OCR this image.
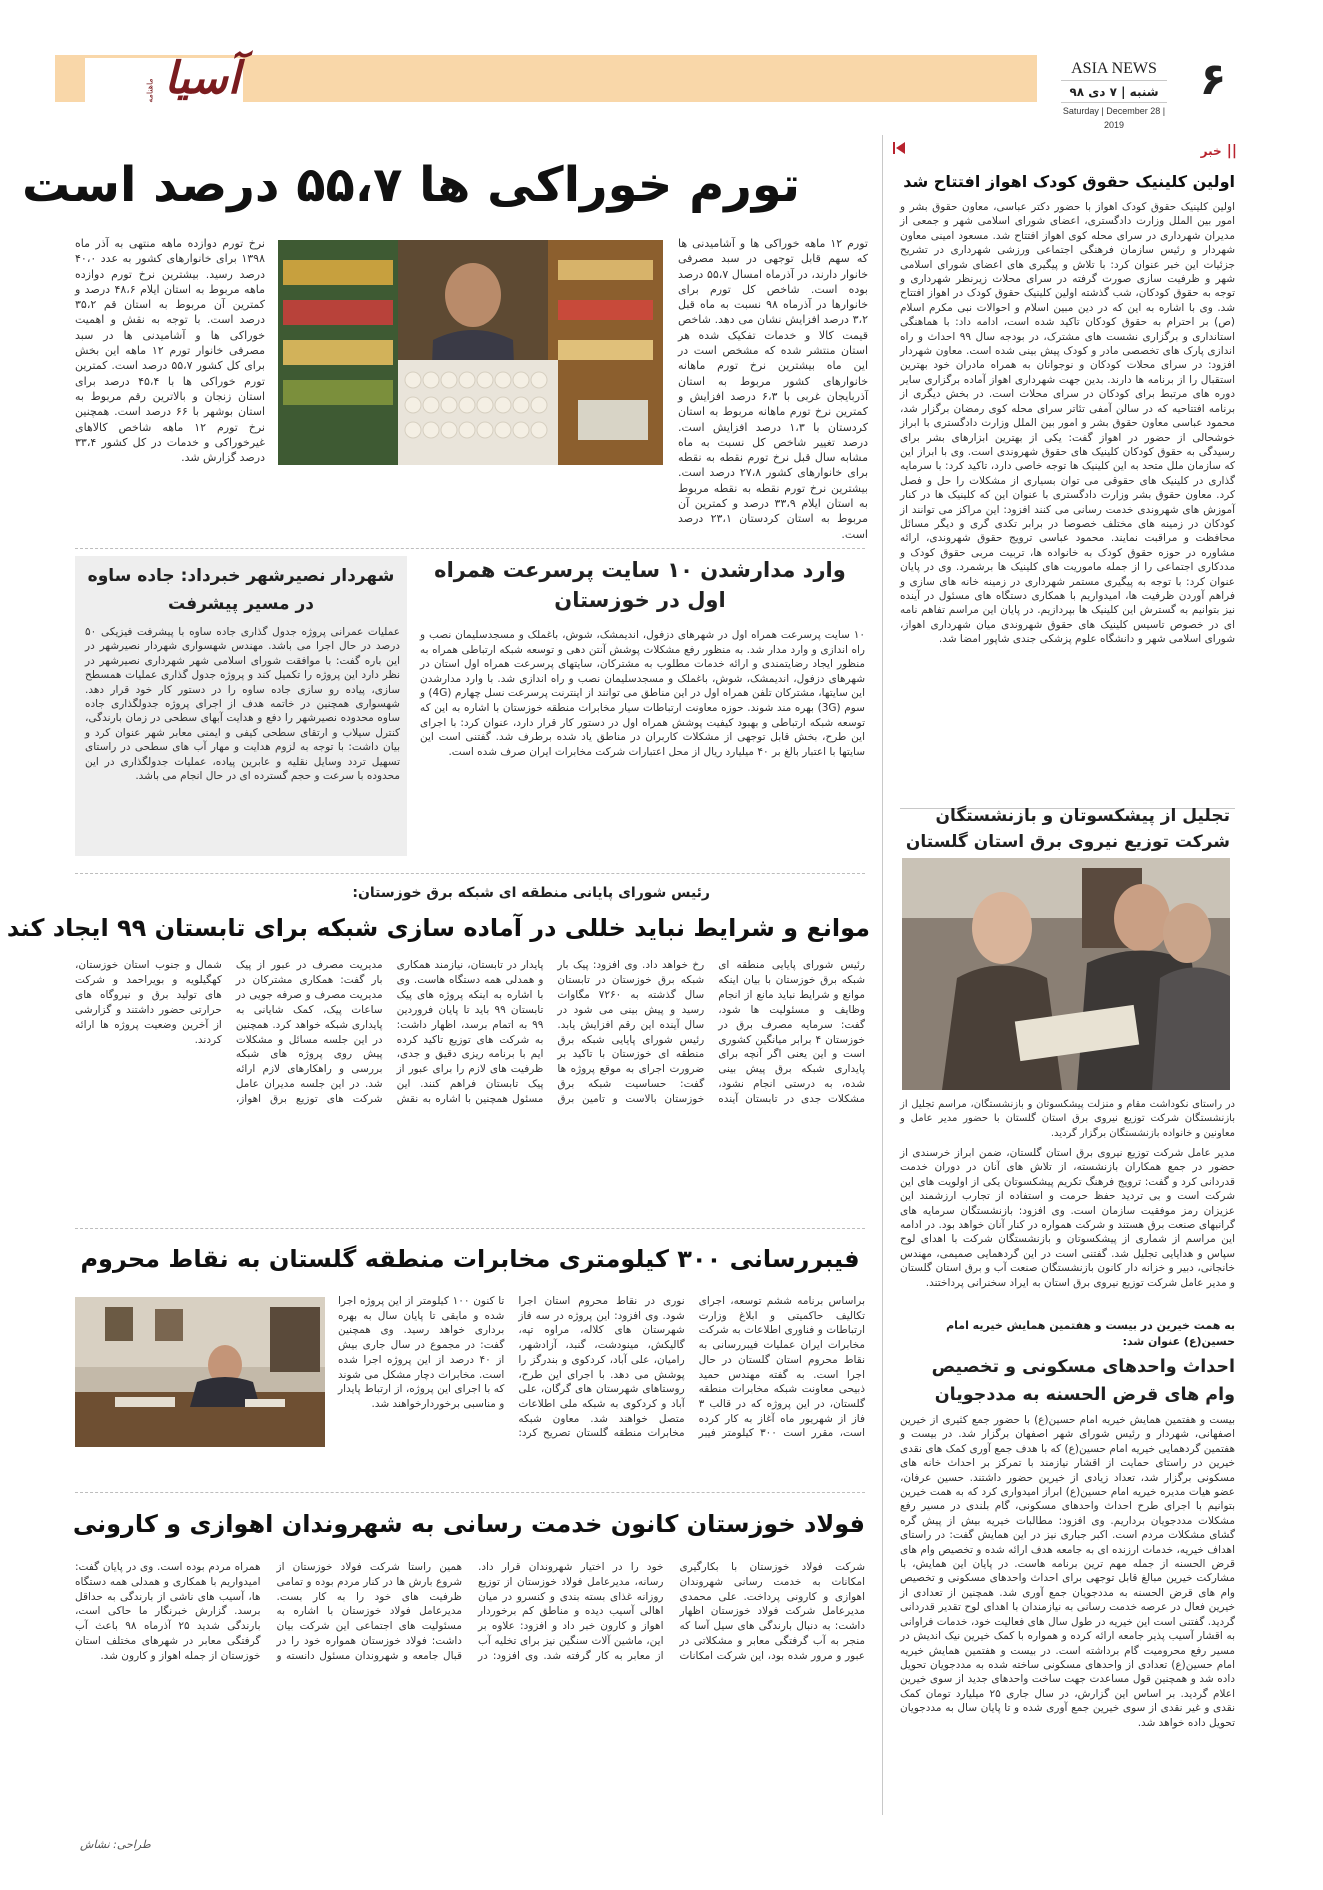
آسیا
ماهنامه
ASIA NEWS
شنبه | ۷ دی ۹۸
Saturday | December 28 | 2019
۶
|| خبر
اولین کلینیک حقوق کودک اهواز افتتاح شد
اولین کلینیک حقوق کودک اهواز با حضور دکتر عباسی، معاون حقوق بشر و امور بین الملل وزارت دادگستری، اعضای شورای اسلامی شهر و جمعی از مدیران شهرداری در سرای محله کوی اهواز افتتاح شد. مسعود امینی معاون شهردار و رئیس سازمان فرهنگی اجتماعی ورزشی شهرداری در تشریح جزئیات این خبر عنوان کرد: با تلاش و پیگیری های اعضای شورای اسلامی شهر و ظرفیت سازی صورت گرفته در سرای محلات زیرنظر شهرداری و توجه به حقوق کودکان، شب گذشته اولین کلینیک حقوق کودک در اهواز افتتاح شد. وی با اشاره به این که در دین مبین اسلام و احوالات نبی مکرم اسلام (ص) بر احترام به حقوق کودکان تاکید شده است، ادامه داد: با هماهنگی استانداری و برگزاری نشست های مشترک، در بودجه سال ۹۹ احداث و راه اندازی پارک های تخصصی مادر و کودک پیش بینی شده است. معاون شهردار افزود: در سرای محلات کودکان و نوجوانان به همراه مادران خود بهترین استقبال را از برنامه ها دارند. بدین جهت شهرداری اهواز آماده برگزاری سایر دوره های مرتبط برای کودکان در سرای محلات است. در بخش دیگری از برنامه افتتاحیه که در سالن آمفی تئاتر سرای محله کوی رمضان برگزار شد، محمود عباسی معاون حقوق بشر و امور بین الملل وزارت دادگستری با ابراز خوشحالی از حضور در اهواز گفت: یکی از بهترین ابزارهای بشر برای رسیدگی به حقوق کودکان کلینیک های حقوق شهروندی است. وی با ابراز این که سازمان ملل متحد به این کلینیک ها توجه خاصی دارد، تاکید کرد: با سرمایه گذاری در کلینیک های حقوقی می توان بسیاری از مشکلات را حل و فصل کرد. معاون حقوق بشر وزارت دادگستری با عنوان این که کلینیک ها در کنار آموزش های شهروندی خدمت رسانی می کنند افزود: این مراکز می توانند از کودکان در زمینه های مختلف خصوصا در برابر تکدی گری و دیگر مسائل محافظت و مراقبت نمایند. محمود عباسی ترویج حقوق شهروندی، ارائه مشاوره در حوزه حقوق کودک به خانواده ها، تربیت مربی حقوق کودک و مددکاری اجتماعی را از جمله ماموریت های کلینیک ها برشمرد. وی در پایان عنوان کرد: با توجه به پیگیری مستمر شهرداری در زمینه خانه های سازی و فراهم آوردن ظرفیت ها، امیدواریم با همکاری دستگاه های مسئول در آینده نیز بتوانیم به گسترش این کلینیک ها بپردازیم. در پایان این مراسم تفاهم نامه ای در خصوص تاسیس کلینیک های حقوق شهروندی میان شهرداری اهواز، شورای اسلامی شهر و دانشگاه علوم پزشکی جندی شاپور امضا شد.
تجلیل از پیشکسوتان و بازنشستگان شرکت توزیع نیروی برق استان گلستان
در راستای نکوداشت مقام و منزلت پیشکسوتان و بازنشستگان، مراسم تجلیل از بازنشستگان شرکت توزیع نیروی برق استان گلستان با حضور مدیر عامل و معاونین و خانواده بازنشستگان برگزار گردید.
مدیر عامل شرکت توزیع نیروی برق استان گلستان، ضمن ابراز خرسندی از حضور در جمع همکاران بازنشسته، از تلاش های آنان در دوران خدمت قدردانی کرد و گفت: ترویج فرهنگ تکریم پیشکسوتان یکی از اولویت های این شرکت است و بی تردید حفظ حرمت و استفاده از تجارب ارزشمند این عزیزان رمز موفقیت سازمان است. وی افزود: بازنشستگان سرمایه های گرانبهای صنعت برق هستند و شرکت همواره در کنار آنان خواهد بود. در ادامه این مراسم از شماری از پیشکسوتان و بازنشستگان شرکت با اهدای لوح سپاس و هدایایی تجلیل شد. گفتنی است در این گردهمایی صمیمی، مهندس خانجانی، دبیر و خزانه دار کانون بازنشستگان صنعت آب و برق استان گلستان و مدیر عامل شرکت توزیع نیروی برق استان به ایراد سخنرانی پرداختند.
به همت خیرین در بیست و هفتمین همایش خیریه امام حسین(ع) عنوان شد:
احداث واحدهای مسکونی و تخصیص وام های قرض الحسنه به مددجویان
بیست و هفتمین همایش خیریه امام حسین(ع) با حضور جمع کثیری از خیرین اصفهانی، شهردار و رئیس شورای شهر اصفهان برگزار شد. در بیست و هفتمین گردهمایی خیریه امام حسین(ع) که با هدف جمع آوری کمک های نقدی خیرین در راستای حمایت از اقشار نیازمند با تمرکز بر احداث خانه های مسکونی برگزار شد، تعداد زیادی از خیرین حضور داشتند. حسین عرفان، عضو هیات مدیره خیریه امام حسین(ع) ابراز امیدواری کرد که به همت خیرین بتوانیم با اجرای طرح احداث واحدهای مسکونی، گام بلندی در مسیر رفع مشکلات مددجویان برداریم. وی افزود: مطالبات خیریه بیش از پیش گره گشای مشکلات مردم است. اکبر جباری نیز در این همایش گفت: در راستای اهداف خیریه، خدمات ارزنده ای به جامعه هدف ارائه شده و تخصیص وام های قرض الحسنه از جمله مهم ترین برنامه هاست. در پایان این همایش، با مشارکت خیرین مبالغ قابل توجهی برای احداث واحدهای مسکونی و تخصیص وام های قرض الحسنه به مددجویان جمع آوری شد. همچنین از تعدادی از خیرین فعال در عرصه خدمت رسانی به نیازمندان با اهدای لوح تقدیر قدردانی گردید. گفتنی است این خیریه در طول سال های فعالیت خود، خدمات فراوانی به اقشار آسیب پذیر جامعه ارائه کرده و همواره با کمک خیرین نیک اندیش در مسیر رفع محرومیت گام برداشته است. در بیست و هفتمین همایش خیریه امام حسین(ع) تعدادی از واحدهای مسکونی ساخته شده به مددجویان تحویل داده شد و همچنین قول مساعدت جهت ساخت واحدهای جدید از سوی خیرین اعلام گردید. بر اساس این گزارش، در سال جاری ۲۵ میلیارد تومان کمک نقدی و غیر نقدی از سوی خیرین جمع آوری شده و تا پایان سال به مددجویان تحویل داده خواهد شد.
تورم خوراکی ها ۵۵،۷ درصد است
تورم ۱۲ ماهه خوراکی ها و آشامیدنی ها که سهم قابل توجهی در سبد مصرفی خانوار دارند، در آذرماه امسال ۵۵،۷ درصد بوده است. شاخص کل تورم برای خانوارها در آذرماه ۹۸ نسبت به ماه قبل ۳،۲ درصد افزایش نشان می دهد. شاخص قیمت کالا و خدمات تفکیک شده هر استان منتشر شده که مشخص است در این ماه بیشترین نرخ تورم ماهانه خانوارهای کشور مربوط به استان آذربایجان غربی با ۶،۳ درصد افزایش و کمترین نرخ تورم ماهانه مربوط به استان کردستان با ۱،۳ درصد افزایش است. درصد تغییر شاخص کل نسبت به ماه مشابه سال قبل نرخ تورم نقطه به نقطه برای خانوارهای کشور ۲۷،۸ درصد است. بیشترین نرخ تورم نقطه به نقطه مربوط به استان ایلام ۳۳،۹ درصد و کمترین آن مربوط به استان کردستان ۲۳،۱ درصد است.
نرخ تورم دوازده ماهه منتهی به آذر ماه ۱۳۹۸ برای خانوارهای کشور به عدد ۴۰،۰ درصد رسید. بیشترین نرخ تورم دوازده ماهه مربوط به استان ایلام ۴۸،۶ درصد و کمترین آن مربوط به استان قم ۳۵،۲ درصد است. با توجه به نقش و اهمیت خوراکی ها و آشامیدنی ها در سبد مصرفی خانوار تورم ۱۲ ماهه این بخش برای کل کشور ۵۵،۷ درصد است. کمترین تورم خوراکی ها با ۴۵،۴ درصد برای استان زنجان و بالاترین رقم مربوط به استان بوشهر با ۶۶ درصد است. همچنین نرخ تورم ۱۲ ماهه شاخص کالاهای غیرخوراکی و خدمات در کل کشور ۳۳،۴ درصد گزارش شد.
وارد مدارشدن ۱۰ سایت پرسرعت همراه اول در خوزستان
۱۰ سایت پرسرعت همراه اول در شهرهای دزفول، اندیمشک، شوش، باغملک و مسجدسلیمان نصب و راه اندازی و وارد مدار شد. به منظور رفع مشکلات پوشش آنتن دهی و توسعه شبکه ارتباطی همراه به منظور ایجاد رضایتمندی و ارائه خدمات مطلوب به مشترکان، سایتهای پرسرعت همراه اول استان در شهرهای دزفول، اندیمشک، شوش، باغملک و مسجدسلیمان نصب و راه اندازی شد. با وارد مدارشدن این سایتها، مشترکان تلفن همراه اول در این مناطق می توانند از اینترنت پرسرعت نسل چهارم (4G) و سوم (3G) بهره مند شوند. حوزه معاونت ارتباطات سیار مخابرات منطقه خوزستان با اشاره به این که توسعه شبکه ارتباطی و بهبود کیفیت پوشش همراه اول در دستور کار قرار دارد، عنوان کرد: با اجرای این طرح، بخش قابل توجهی از مشکلات کاربران در مناطق یاد شده برطرف شد. گفتنی است این سایتها با اعتبار بالغ بر ۴۰ میلیارد ریال از محل اعتبارات شرکت مخابرات ایران صرف شده است.
شهردار نصیرشهر خبرداد: جاده ساوه در مسیر پیشرفت
عملیات عمرانی پروژه جدول گذاری جاده ساوه با پیشرفت فیزیکی ۵۰ درصد در حال اجرا می باشد. مهندس شهسواری شهردار نصیرشهر در این باره گفت: با موافقت شورای اسلامی شهر شهرداری نصیرشهر در نظر دارد این پروژه را تکمیل کند و پروژه جدول گذاری عملیات همسطح سازی، پیاده رو سازی جاده ساوه را در دستور کار خود قرار دهد. شهسواری همچنین در خاتمه هدف از اجرای پروژه جدولگذاری جاده ساوه محدوده نصیرشهر را دفع و هدایت آبهای سطحی در زمان بارندگی، کنترل سیلاب و ارتقای سطحی کیفی و ایمنی معابر شهر عنوان کرد و بیان داشت: با توجه به لزوم هدایت و مهار آب های سطحی در راستای تسهیل تردد وسایل نقلیه و عابرین پیاده، عملیات جدولگذاری در این محدوده با سرعت و حجم گسترده ای در حال انجام می باشد.
رئیس شورای پایانی منطقه ای شبکه برق خوزستان:
موانع و شرایط نباید خللی در آماده سازی شبکه برای تابستان ۹۹ ایجاد کند
رئیس شورای پایایی منطقه ای شبکه برق خوزستان با بیان اینکه موانع و شرایط نباید مانع از انجام وظایف و مسئولیت ها شود، گفت: سرمایه مصرف برق در خوزستان ۴ برابر میانگین کشوری است و این یعنی اگر آنچه برای پایداری شبکه برق پیش بینی شده، به درستی انجام نشود، مشکلات جدی در تابستان آینده رخ خواهد داد. وی افزود: پیک بار شبکه برق خوزستان در تابستان سال گذشته به ۷۲۶۰ مگاوات رسید و پیش بینی می شود در سال آینده این رقم افزایش یابد. رئیس شورای پایایی شبکه برق منطقه ای خوزستان با تاکید بر ضرورت اجرای به موقع پروژه ها گفت: حساسیت شبکه برق خوزستان بالاست و تامین برق پایدار در تابستان، نیازمند همکاری و همدلی همه دستگاه هاست. وی با اشاره به اینکه پروژه های پیک تابستان ۹۹ باید تا پایان فروردین ۹۹ به اتمام برسد، اظهار داشت: به شرکت های توزیع تاکید کرده ایم با برنامه ریزی دقیق و جدی، ظرفیت های لازم را برای عبور از پیک تابستان فراهم کنند. این مسئول همچنین با اشاره به نقش مدیریت مصرف در عبور از پیک بار گفت: همکاری مشترکان در مدیریت مصرف و صرفه جویی در ساعات پیک، کمک شایانی به پایداری شبکه خواهد کرد. همچنین در این جلسه مسائل و مشکلات پیش روی پروژه های شبکه بررسی و راهکارهای لازم ارائه شد. در این جلسه مدیران عامل شرکت های توزیع برق اهواز، شمال و جنوب استان خوزستان، کهگیلویه و بویراحمد و شرکت های تولید برق و نیروگاه های حرارتی حضور داشتند و گزارشی از آخرین وضعیت پروژه ها ارائه کردند.
فیبررسانی ۳۰۰ کیلومتری مخابرات منطقه گلستان به نقاط محروم
براساس برنامه ششم توسعه، اجرای تکالیف حاکمیتی و ابلاغ وزارت ارتباطات و فناوری اطلاعات به شرکت مخابرات ایران عملیات فیبررسانی به نقاط محروم استان گلستان در حال اجرا است. به گفته مهندس حمید ذبیحی معاونت شبکه مخابرات منطقه گلستان، در این پروژه که در قالب ۳ فاز از شهریور ماه آغاز به کار کرده است، مقرر است ۳۰۰ کیلومتر فیبر نوری در نقاط محروم استان اجرا شود. وی افزود: این پروژه در سه فاز شهرستان های کلاله، مراوه تپه، گالیکش، مینودشت، گنبد، آزادشهر، رامیان، علی آباد، کردکوی و بندرگز را پوشش می دهد. با اجرای این طرح، روستاهای شهرستان های گرگان، علی آباد و کردکوی به شبکه ملی اطلاعات متصل خواهند شد. معاون شبکه مخابرات منطقه گلستان تصریح کرد: تا کنون ۱۰۰ کیلومتر از این پروژه اجرا شده و مابقی تا پایان سال به بهره برداری خواهد رسید. وی همچنین گفت: در مجموع در سال جاری بیش از ۴۰ درصد از این پروژه اجرا شده است. مخابرات دچار مشکل می شوند که با اجرای این پروژه، از ارتباط پایدار و مناسبی برخوردارخواهند شد.
فولاد خوزستان کانون خدمت رسانی به شهروندان اهوازی و کارونی
شرکت فولاد خوزستان با بکارگیری امکانات به خدمت رسانی شهروندان اهوازی و کارونی پرداخت. علی محمدی مدیرعامل شرکت فولاد خوزستان اظهار داشت: به دنبال بارندگی های سیل آسا که منجر به آب گرفتگی معابر و مشکلاتی در عبور و مرور شده بود، این شرکت امکانات خود را در اختیار شهروندان قرار داد. رسانه، مدیرعامل فولاد خوزستان از توزیع روزانه غذای بسته بندی و کنسرو در میان اهالی آسیب دیده و مناطق کم برخوردار اهواز و کارون خبر داد و افزود: علاوه بر این، ماشین آلات سنگین نیز برای تخلیه آب از معابر به کار گرفته شد. وی افزود: در همین راستا شرکت فولاد خوزستان از شروع بارش ها در کنار مردم بوده و تمامی ظرفیت های خود را به کار بست. مدیرعامل فولاد خوزستان با اشاره به مسئولیت های اجتماعی این شرکت بیان داشت: فولاد خوزستان همواره خود را در قبال جامعه و شهروندان مسئول دانسته و همراه مردم بوده است. وی در پایان گفت: امیدواریم با همکاری و همدلی همه دستگاه ها، آسیب های ناشی از بارندگی به حداقل برسد. گزارش خبرنگار ما حاکی است، بارندگی شدید ۲۵ آذرماه ۹۸ باعث آب گرفتگی معابر در شهرهای مختلف استان خوزستان از جمله اهواز و کارون شد.
طراحی: نشاش
